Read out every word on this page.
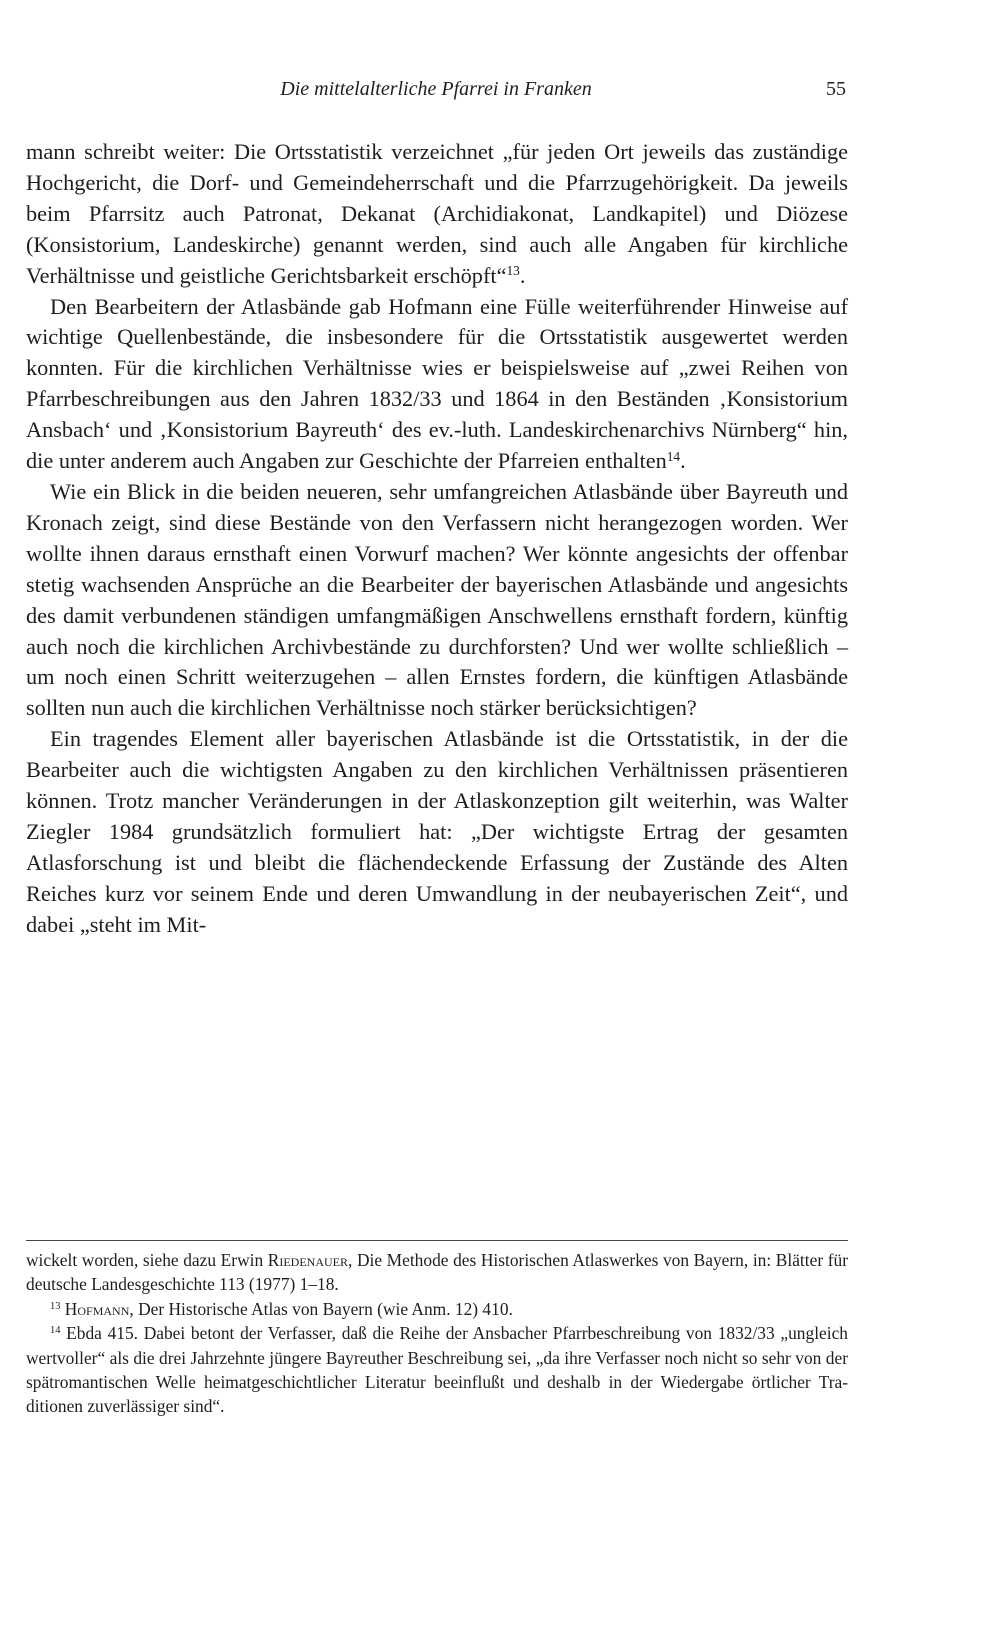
Die mittelalterliche Pfarrei in Franken	55

mann schreibt weiter: Die Ortsstatistik verzeichnet „für jeden Ort jeweils das zuständige Hochgericht, die Dorf- und Gemeindeherrschaft und die Pfarrzugehörigkeit. Da jeweils beim Pfarrsitz auch Patronat, Dekanat (Archidiakonat, Landkapitel) und Diözese (Konsistorium, Landeskirche) genannt werden, sind auch alle Angaben für kirchliche Verhältnisse und geistliche Gerichtsbarkeit erschöpft“$^{13}$.

Den Bearbeitern der Atlasbände gab Hofmann eine Fülle weiterführender Hinweise auf wichtige Quellenbestände, die insbesondere für die Ortsstatistik ausgewertet werden konnten. Für die kirchlichen Verhältnisse wies er beispielsweise auf „zwei Reihen von Pfarrbeschreibungen aus den Jahren 1832/33 und 1864 in den Beständen ‚Konsistorium Ansbach‘ und ‚Konsistorium Bayreuth‘ des ev.-luth. Landeskirchenarchivs Nürnberg“ hin, die unter anderem auch Angaben zur Geschichte der Pfarreien enthalten$^{14}$.

Wie ein Blick in die beiden neueren, sehr umfangreichen Atlasbände über Bayreuth und Kronach zeigt, sind diese Bestände von den Verfassern nicht herangezogen worden. Wer wollte ihnen daraus ernsthaft einen Vorwurf machen? Wer könnte angesichts der offenbar stetig wachsenden Ansprüche an die Bearbeiter der bayerischen Atlasbände und angesichts des damit verbundenen ständigen umfangmäßigen Anschwellens ernsthaft fordern, künftig auch noch die kirchlichen Archivbestände zu durchforsten? Und wer wollte schließlich – um noch einen Schritt weiterzugehen – allen Ernstes fordern, die künftigen Atlasbände sollten nun auch die kirchlichen Verhältnisse noch stärker berücksichtigen?

Ein tragendes Element aller bayerischen Atlasbände ist die Ortsstatistik, in der die Bearbeiter auch die wichtigsten Angaben zu den kirchlichen Verhältnissen präsentieren können. Trotz mancher Veränderungen in der Atlaskonzeption gilt weiterhin, was Walter Ziegler 1984 grundsätzlich formuliert hat: „Der wichtigste Ertrag der gesamten Atlasforschung ist und bleibt die flächendeckende Erfassung der Zustände des Alten Reiches kurz vor seinem Ende und deren Umwandlung in der neubayerischen Zeit“, und dabei „steht im Mit-

wickelt worden, siehe dazu Erwin Riedenauer, Die Methode des Historischen Atlaswerkes von Bayern, in: Blätter für deutsche Landesgeschichte 113 (1977) 1–18.

$^{13}$ Hofmann, Der Historische Atlas von Bayern (wie Anm. 12) 410.

$^{14}$ Ebda 415. Dabei betont der Verfasser, daß die Reihe der Ansbacher Pfarrbeschreibung von 1832/33 „ungleich wertvoller“ als die drei Jahrzehnte jüngere Bayreuther Beschreibung sei, „da ihre Verfasser noch nicht so sehr von der spätromantischen Welle heimatgeschichtlicher Literatur beeinflußt und deshalb in der Wiedergabe örtlicher Traditionen zuverlässiger sind“.
